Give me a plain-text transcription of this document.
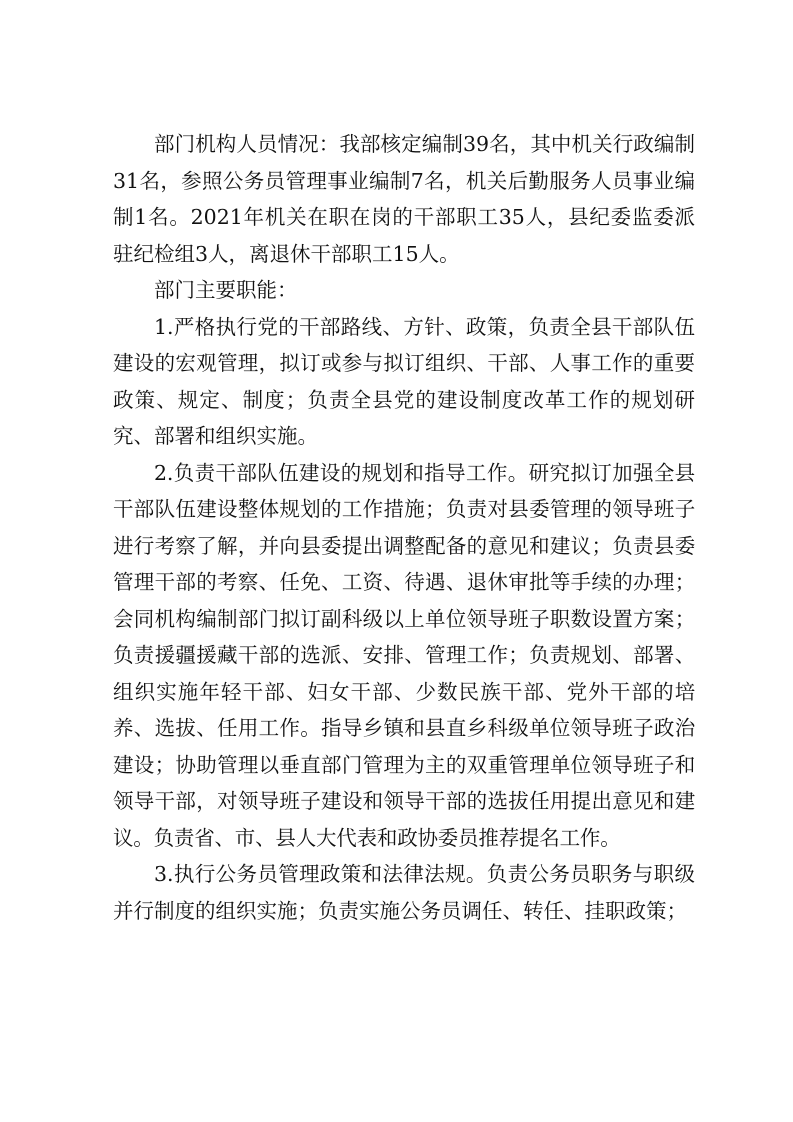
部门机构人员情况：我部核定编制39名，其中机关行政编制31名，参照公务员管理事业编制7名，机关后勤服务人员事业编制1名。2021年机关在职在岗的干部职工35人，县纪委监委派驻纪检组3人，离退休干部职工15人。

部门主要职能：

1.严格执行党的干部路线、方针、政策，负责全县干部队伍建设的宏观管理，拟订或参与拟订组织、干部、人事工作的重要政策、规定、制度；负责全县党的建设制度改革工作的规划研究、部署和组织实施。

2.负责干部队伍建设的规划和指导工作。研究拟订加强全县干部队伍建设整体规划的工作措施；负责对县委管理的领导班子进行考察了解，并向县委提出调整配备的意见和建议；负责县委管理干部的考察、任免、工资、待遇、退休审批等手续的办理；会同机构编制部门拟订副科级以上单位领导班子职数设置方案；负责援疆援藏干部的选派、安排、管理工作；负责规划、部署、组织实施年轻干部、妇女干部、少数民族干部、党外干部的培养、选拔、任用工作。指导乡镇和县直乡科级单位领导班子政治建设；协助管理以垂直部门管理为主的双重管理单位领导班子和领导干部，对领导班子建设和领导干部的选拔任用提出意见和建议。负责省、市、县人大代表和政协委员推荐提名工作。

3.执行公务员管理政策和法律法规。负责公务员职务与职级并行制度的组织实施；负责实施公务员调任、转任、挂职政策；
